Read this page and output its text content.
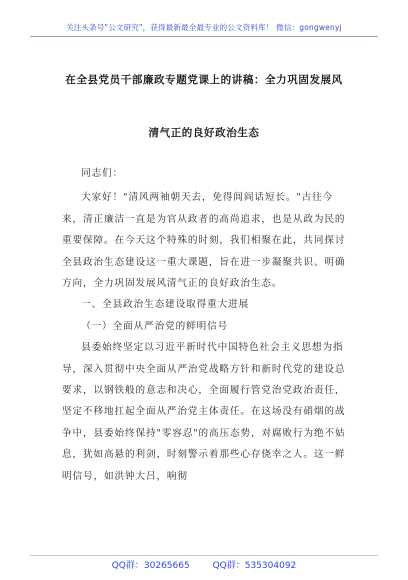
关注头条号"公文研究"，获得最新最全最专业的公文资料库！ 微信：gongwenyj
在全县党员干部廉政专题党课上的讲稿：全力巩固发展风
清气正的良好政治生态

同志们：

大家好！"清风两袖朝天去，免得闾阎话短长。"古往今来，清正廉洁一直是为官从政者的高尚追求，也是从政为民的重要保障。在今天这个特殊的时刻，我们相聚在此，共同探讨全县政治生态建设这一重大课题，旨在进一步凝聚共识、明确方向，全力巩固发展风清气正的良好政治生态。

一、全县政治生态建设取得重大进展

（一）全面从严治党的鲜明信号

县委始终坚定以习近平新时代中国特色社会主义思想为指导，深入贯彻中央全面从严治党战略方针和新时代党的建设总要求，以钢铁般的意志和决心，全面履行管党治党政治责任，坚定不移地扛起全面从严治党主体责任。在这场没有硝烟的战争中，县委始终保持"零容忍"的高压态势，对腐败行为绝不姑息，犹如高悬的利剑，时刻警示着那些心存侥幸之人。这一鲜明信号，如洪钟大吕，响彻

QQ群：30265665	QQ群：535304092
